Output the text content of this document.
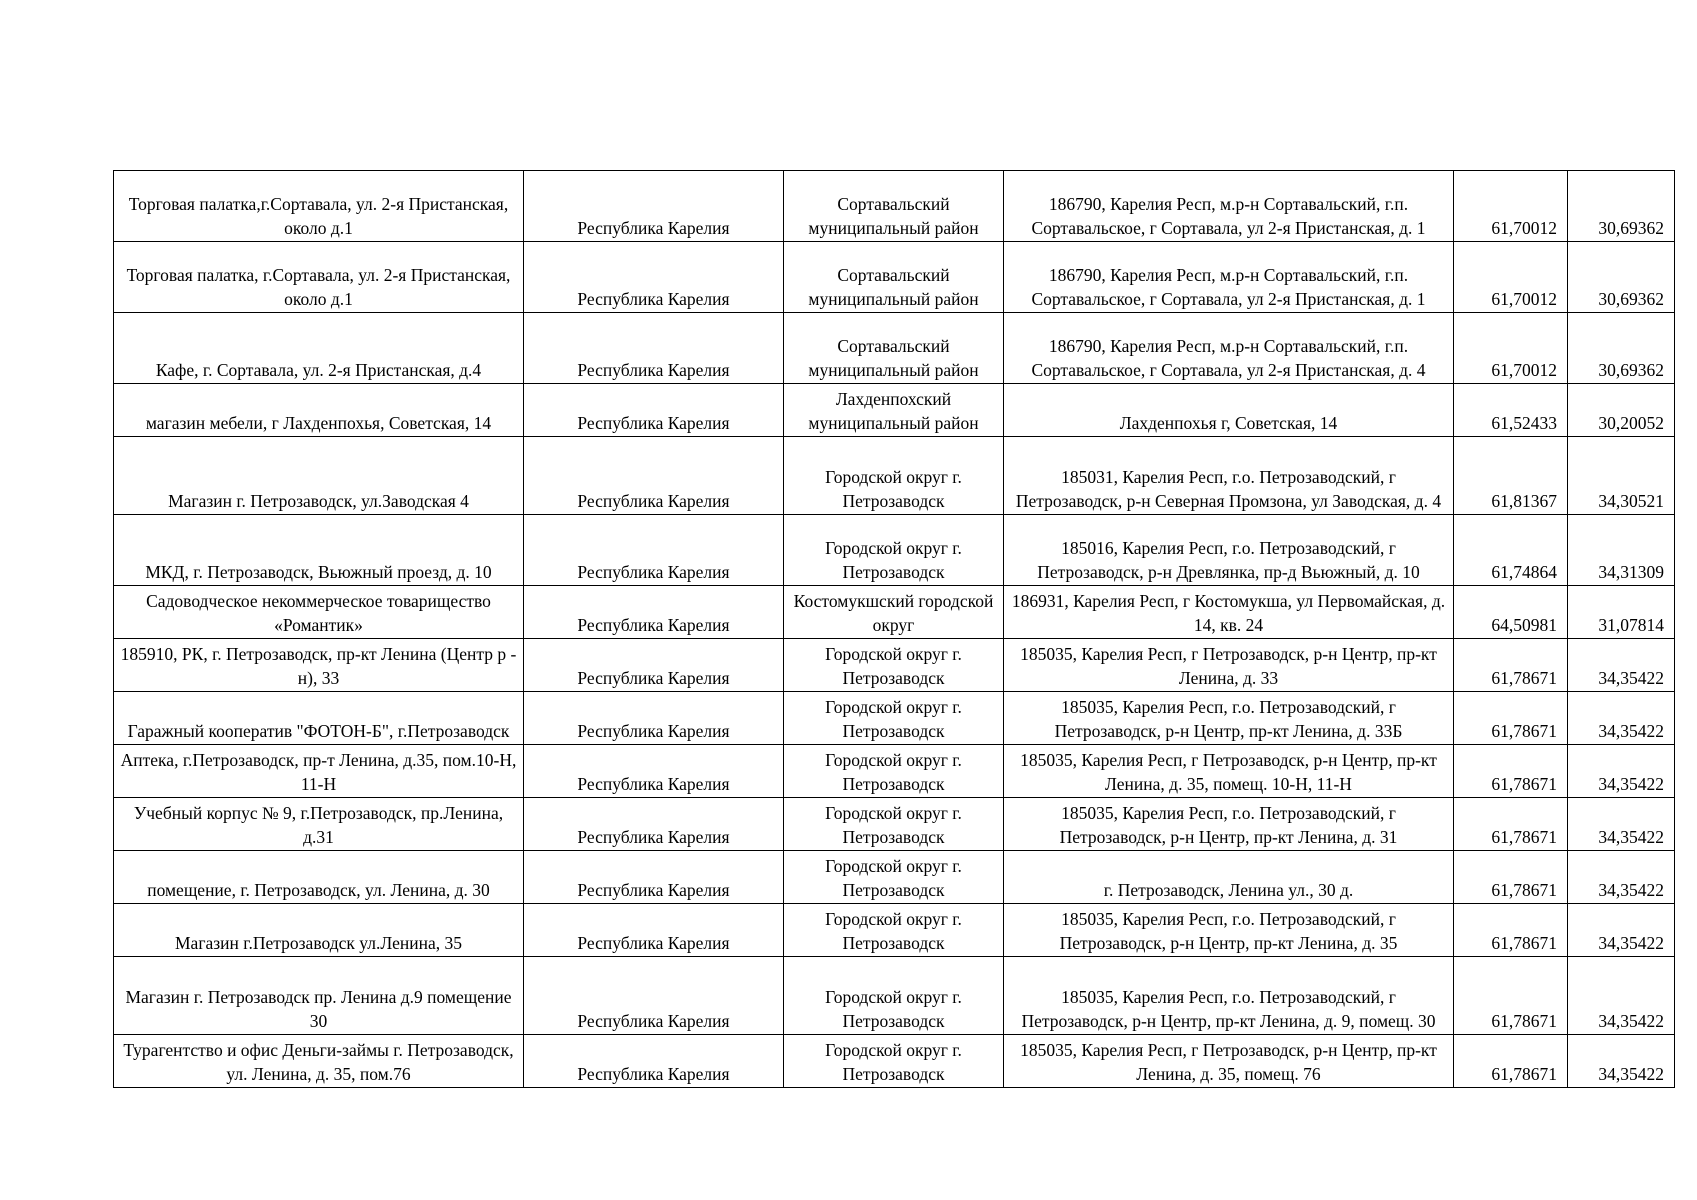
Торговая палатка,г.Сортавала, ул. 2-я Пристанская, около д.1	Республика Карелия	Сортавальский муниципальный район	186790, Карелия Респ, м.р-н Сортавальский, г.п. Сортавальское, г Сортавала, ул 2-я Пристанская, д. 1	61,70012	30,69362
Торговая палатка, г.Сортавала, ул. 2-я Пристанская, около д.1	Республика Карелия	Сортавальский муниципальный район	186790, Карелия Респ, м.р-н Сортавальский, г.п. Сортавальское, г Сортавала, ул 2-я Пристанская, д. 1	61,70012	30,69362
Кафе, г. Сортавала, ул. 2-я Пристанская, д.4	Республика Карелия	Сортавальский муниципальный район	186790, Карелия Респ, м.р-н Сортавальский, г.п. Сортавальское, г Сортавала, ул 2-я Пристанская, д. 4	61,70012	30,69362
магазин мебели, г Лахденпохья, Советская, 14	Республика Карелия	Лахденпохский муниципальный район	Лахденпохья г, Советская, 14	61,52433	30,20052
Магазин г. Петрозаводск, ул.Заводская 4	Республика Карелия	Городской округ г. Петрозаводск	185031, Карелия Респ, г.о. Петрозаводский, г Петрозаводск, р-н Северная Промзона, ул Заводская, д. 4	61,81367	34,30521
МКД, г. Петрозаводск, Вьюжный проезд, д. 10	Республика Карелия	Городской округ г. Петрозаводск	185016, Карелия Респ, г.о. Петрозаводский, г Петрозаводск, р-н Древлянка, пр-д Вьюжный, д. 10	61,74864	34,31309
Садоводческое некоммерческое товарищество «Романтик»	Республика Карелия	Костомукшский городской округ	186931, Карелия Респ, г Костомукша, ул Первомайская, д. 14, кв. 24	64,50981	31,07814
185910, РК, г. Петрозаводск, пр-кт Ленина (Центр р - н), 33	Республика Карелия	Городской округ г. Петрозаводск	185035, Карелия Респ, г Петрозаводск, р-н Центр, пр-кт Ленина, д. 33	61,78671	34,35422
Гаражный кооператив "ФОТОН-Б", г.Петрозаводск	Республика Карелия	Городской округ г. Петрозаводск	185035, Карелия Респ, г.о. Петрозаводский, г Петрозаводск, р-н Центр, пр-кт Ленина, д. 33Б	61,78671	34,35422
Аптека, г.Петрозаводск, пр-т Ленина, д.35, пом.10-Н, 11-Н	Республика Карелия	Городской округ г. Петрозаводск	185035, Карелия Респ, г Петрозаводск, р-н Центр, пр-кт Ленина, д. 35, помещ. 10-Н, 11-Н	61,78671	34,35422
Учебный корпус № 9, г.Петрозаводск, пр.Ленина, д.31	Республика Карелия	Городской округ г. Петрозаводск	185035, Карелия Респ, г.о. Петрозаводский, г Петрозаводск, р-н Центр, пр-кт Ленина, д. 31	61,78671	34,35422
помещение, г. Петрозаводск, ул. Ленина, д. 30	Республика Карелия	Городской округ г. Петрозаводск	г. Петрозаводск, Ленина ул., 30 д.	61,78671	34,35422
Магазин г.Петрозаводск ул.Ленина, 35	Республика Карелия	Городской округ г. Петрозаводск	185035, Карелия Респ, г.о. Петрозаводский, г Петрозаводск, р-н Центр, пр-кт Ленина, д. 35	61,78671	34,35422
Магазин г. Петрозаводск пр. Ленина д.9 помещение 30	Республика Карелия	Городской округ г. Петрозаводск	185035, Карелия Респ, г.о. Петрозаводский, г Петрозаводск, р-н Центр, пр-кт Ленина, д. 9, помещ. 30	61,78671	34,35422
Турагентство и офис Деньги-займы г. Петрозаводск, ул. Ленина, д. 35, пом.76	Республика Карелия	Городской округ г. Петрозаводск	185035, Карелия Респ, г Петрозаводск, р-н Центр, пр-кт Ленина, д. 35, помещ. 76	61,78671	34,35422
